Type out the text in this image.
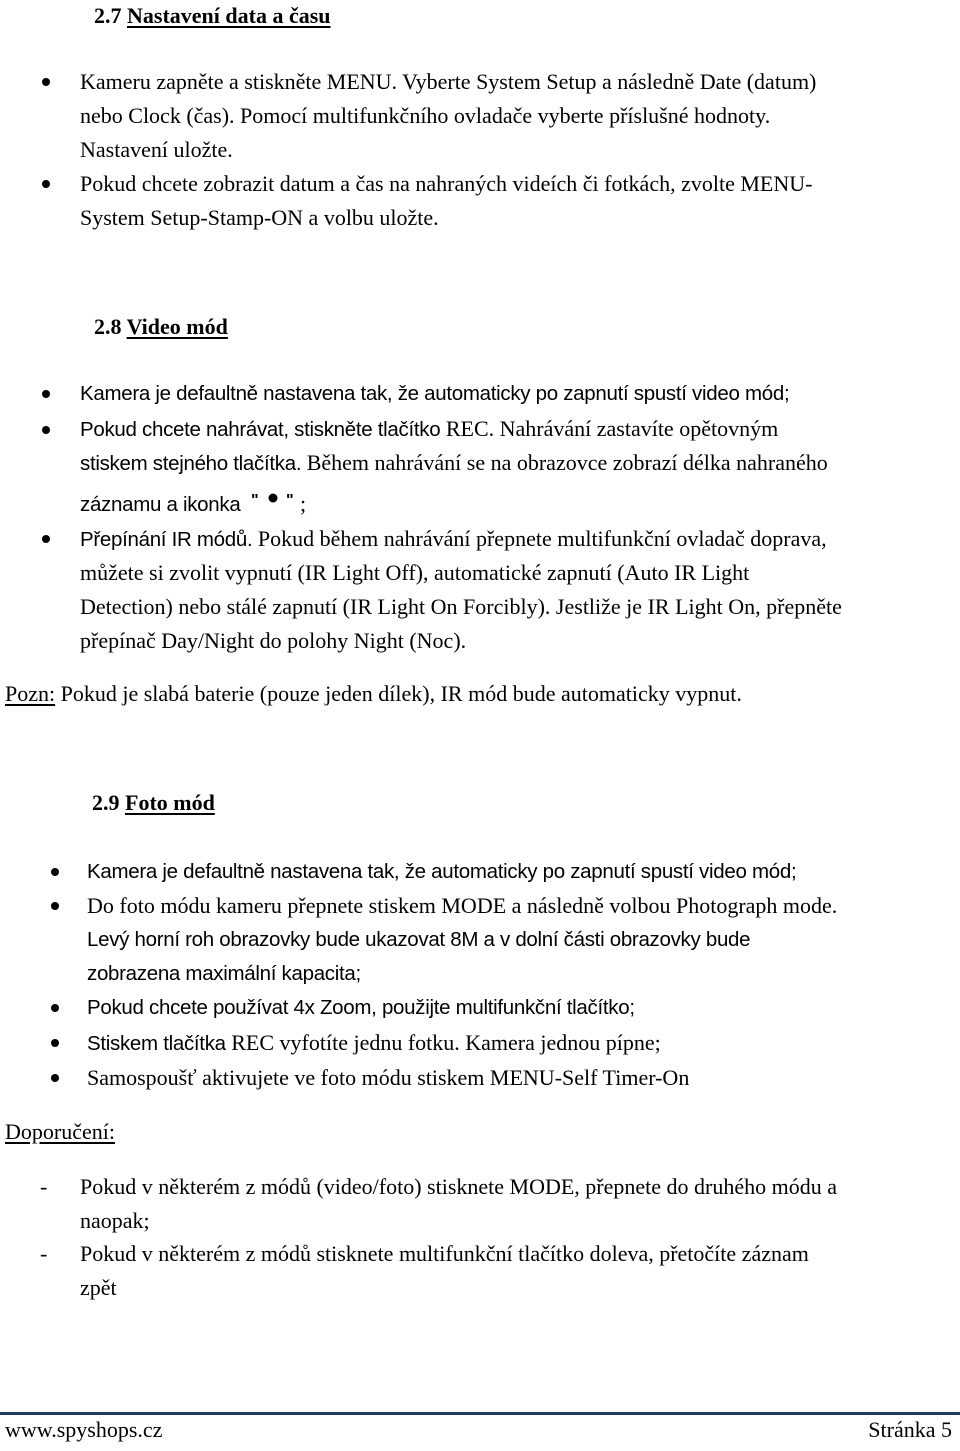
2.7 Nastavení data a času
Kameru zapněte a stiskněte MENU. Vyberte System Setup a následně Date (datum)
nebo Clock (čas). Pomocí multifunkčního ovladače vyberte příslušné hodnoty.
Nastavení uložte.
Pokud chcete zobrazit datum a čas na nahraných videích či fotkách, zvolte MENU-
System Setup-Stamp-ON a volbu uložte.
2.8 Video mód
Kamera je defaultně nastavena tak, že automaticky po zapnutí spustí video mód;
Pokud chcete nahrávat, stiskněte tlačítko REC. Nahrávání zastavíte opětovným
stiskem stejného tlačítka. Během nahrávání se na obrazovce zobrazí délka nahraného
záznamu a ikonka " " ;
Přepínání IR módů. Pokud během nahrávání přepnete multifunkční ovladač doprava,
můžete si zvolit vypnutí (IR Light Off), automatické zapnutí (Auto IR Light
Detection) nebo stálé zapnutí (IR Light On Forcibly). Jestliže je IR Light On, přepněte
přepínač Day/Night do polohy Night (Noc).
Pozn: Pokud je slabá baterie (pouze jeden dílek), IR mód bude automaticky vypnut.
2.9 Foto mód
Kamera je defaultně nastavena tak, že automaticky po zapnutí spustí video mód;
Do foto módu kameru přepnete stiskem MODE a následně volbou Photograph mode.
Levý horní roh obrazovky bude ukazovat 8M a v dolní části obrazovky bude
zobrazena maximální kapacita;
Pokud chcete používat 4x Zoom, použijte multifunkční tlačítko;
Stiskem tlačítka REC vyfotíte jednu fotku. Kamera jednou pípne;
Samospoušť aktivujete ve foto módu stiskem MENU-Self Timer-On
Doporučení:
- Pokud v některém z módů (video/foto) stisknete MODE, přepnete do druhého módu a
naopak;
- Pokud v některém z módů stisknete multifunkční tlačítko doleva, přetočíte záznam
zpět
www.spyshops.cz	Stránka 5
